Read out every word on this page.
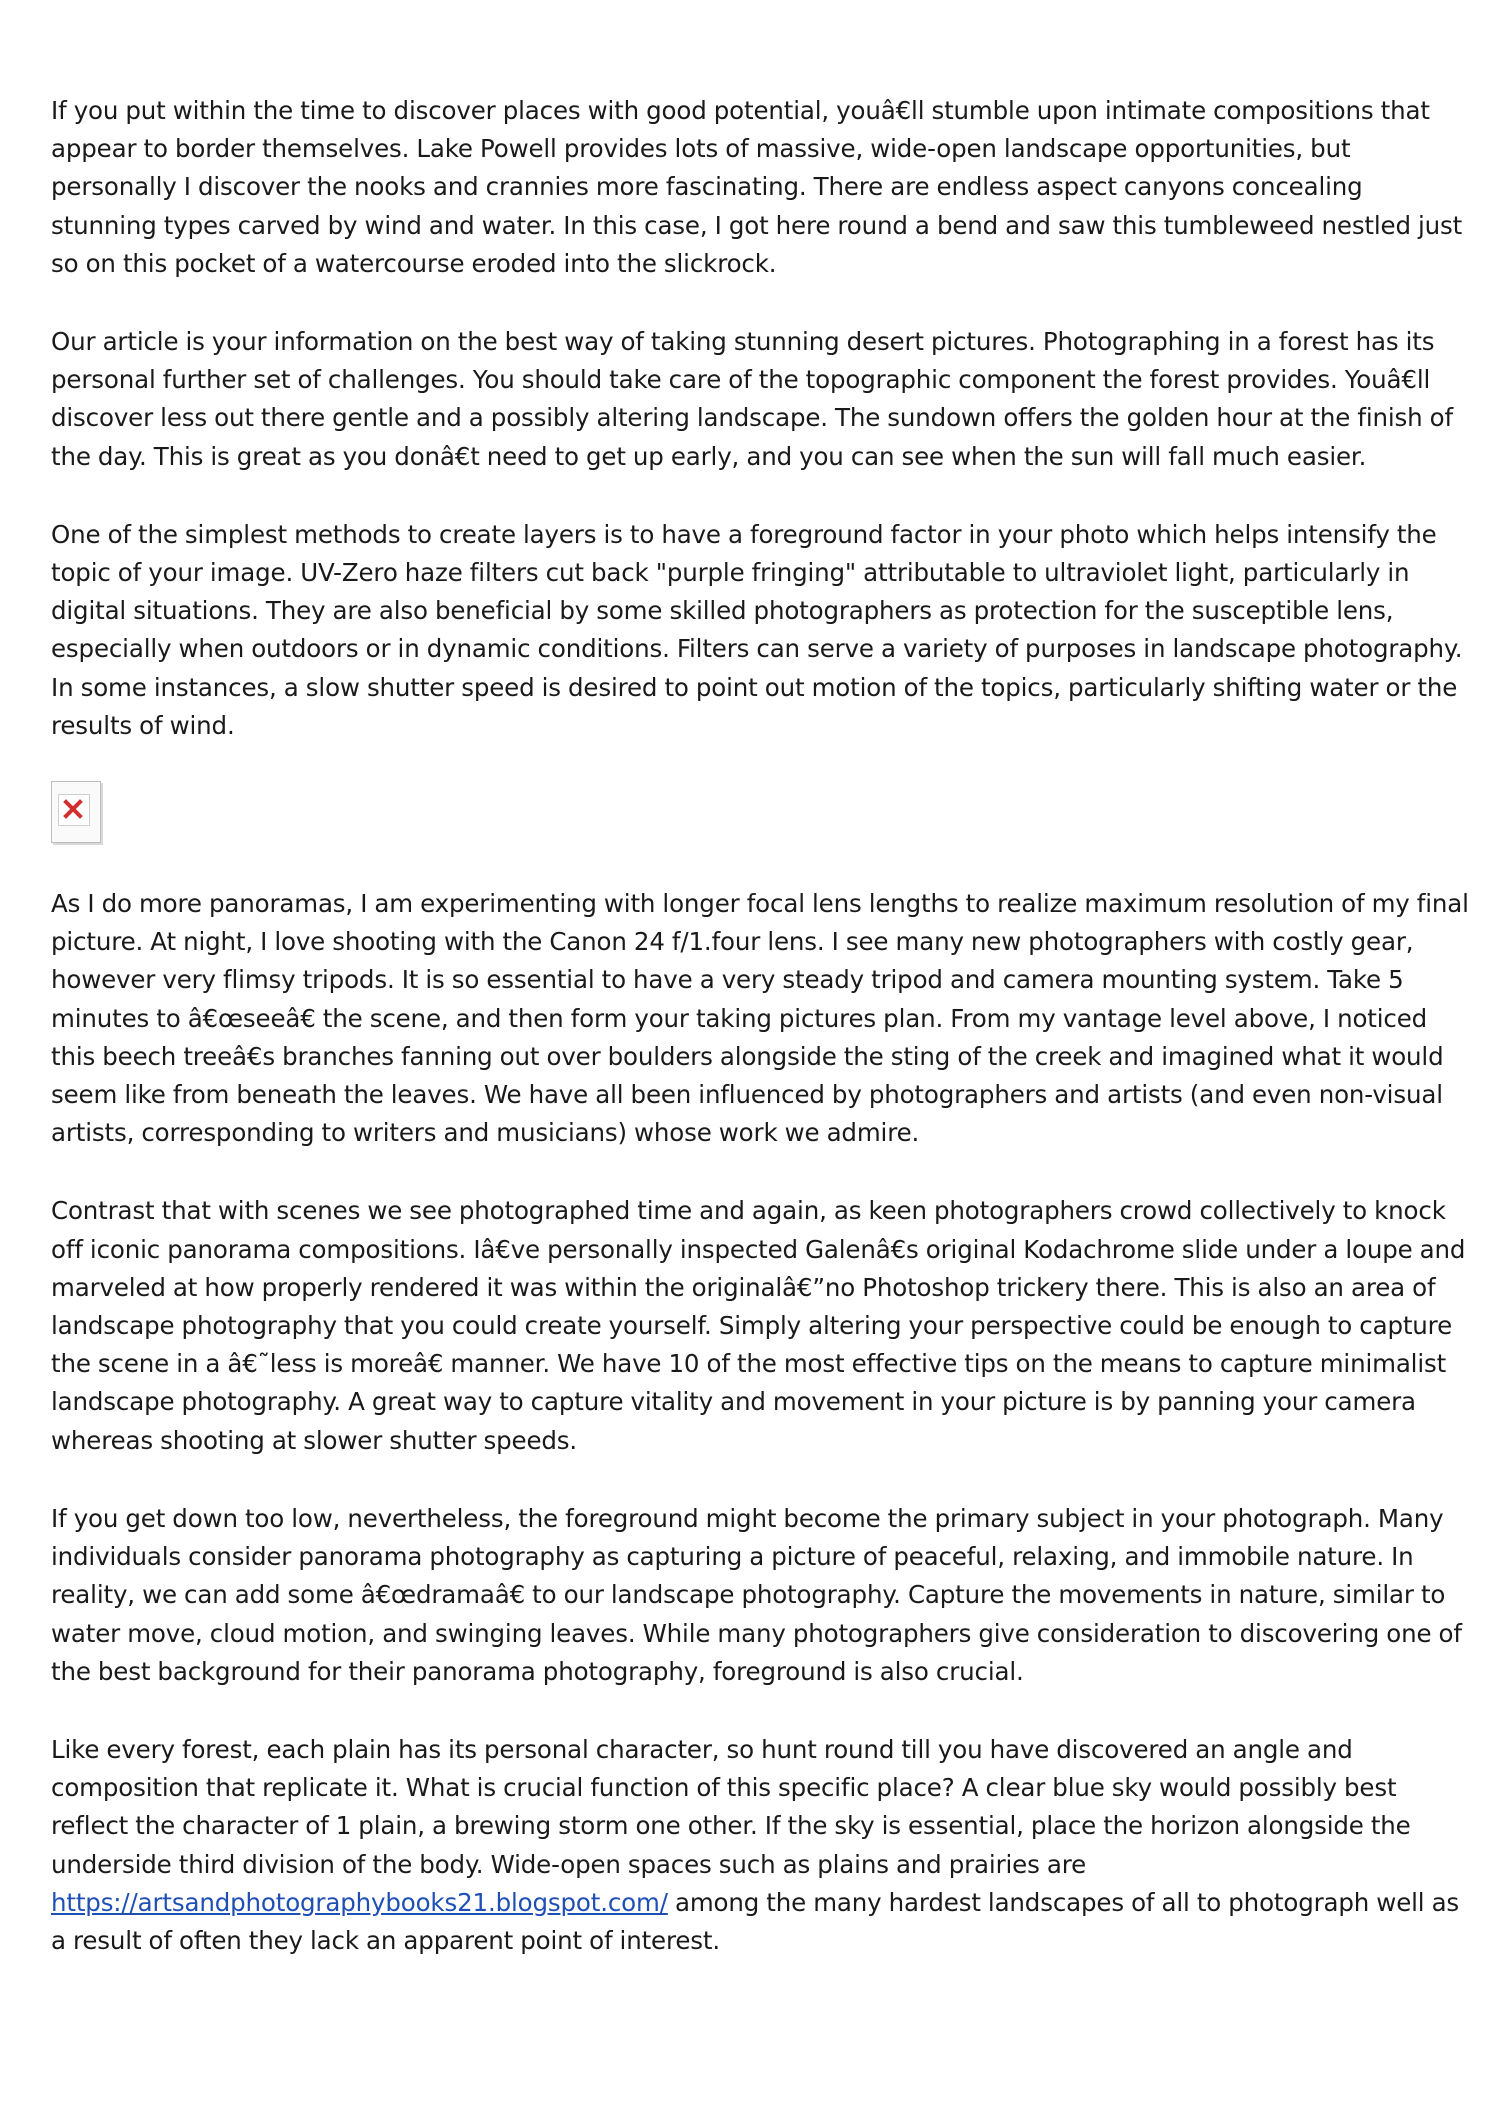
If you put within the time to discover places with good potential, youâ€ll stumble upon intimate compositions that appear to border themselves. Lake Powell provides lots of massive, wide-open landscape opportunities, but personally I discover the nooks and crannies more fascinating. There are endless aspect canyons concealing stunning types carved by wind and water. In this case, I got here round a bend and saw this tumbleweed nestled just so on this pocket of a watercourse eroded into the slickrock.

Our article is your information on the best way of taking stunning desert pictures. Photographing in a forest has its personal further set of challenges. You should take care of the topographic component the forest provides. Youâ€ll discover less out there gentle and a possibly altering landscape. The sundown offers the golden hour at the finish of the day. This is great as you donâ€t need to get up early, and you can see when the sun will fall much easier.

One of the simplest methods to create layers is to have a foreground factor in your photo which helps intensify the topic of your image. UV-Zero haze filters cut back "purple fringing" attributable to ultraviolet light, particularly in digital situations. They are also beneficial by some skilled photographers as protection for the susceptible lens, especially when outdoors or in dynamic conditions. Filters can serve a variety of purposes in landscape photography. In some instances, a slow shutter speed is desired to point out motion of the topics, particularly shifting water or the results of wind.

As I do more panoramas, I am experimenting with longer focal lens lengths to realize maximum resolution of my final picture. At night, I love shooting with the Canon 24 f/1.four lens. I see many new photographers with costly gear, however very flimsy tripods. It is so essential to have a very steady tripod and camera mounting system. Take 5 minutes to â€œseeâ€ the scene, and then form your taking pictures plan. From my vantage level above, I noticed this beech treeâ€s branches fanning out over boulders alongside the sting of the creek and imagined what it would seem like from beneath the leaves. We have all been influenced by photographers and artists (and even non-visual artists, corresponding to writers and musicians) whose work we admire.

Contrast that with scenes we see photographed time and again, as keen photographers crowd collectively to knock off iconic panorama compositions. Iâ€ve personally inspected Galenâ€s original Kodachrome slide under a loupe and marveled at how properly rendered it was within the originalâ€”no Photoshop trickery there. This is also an area of landscape photography that you could create yourself. Simply altering your perspective could be enough to capture the scene in a â€˜less is moreâ€ manner. We have 10 of the most effective tips on the means to capture minimalist landscape photography. A great way to capture vitality and movement in your picture is by panning your camera whereas shooting at slower shutter speeds.

If you get down too low, nevertheless, the foreground might become the primary subject in your photograph. Many individuals consider panorama photography as capturing a picture of peaceful, relaxing, and immobile nature. In reality, we can add some â€œdramaâ€ to our landscape photography. Capture the movements in nature, similar to water move, cloud motion, and swinging leaves. While many photographers give consideration to discovering one of the best background for their panorama photography, foreground is also crucial.

Like every forest, each plain has its personal character, so hunt round till you have discovered an angle and composition that replicate it. What is crucial function of this specific place? A clear blue sky would possibly best reflect the character of 1 plain, a brewing storm one other. If the sky is essential, place the horizon alongside the underside third division of the body. Wide-open spaces such as plains and prairies are https://artsandphotographybooks21.blogspot.com/ among the many hardest landscapes of all to photograph well as a result of often they lack an apparent point of interest.
